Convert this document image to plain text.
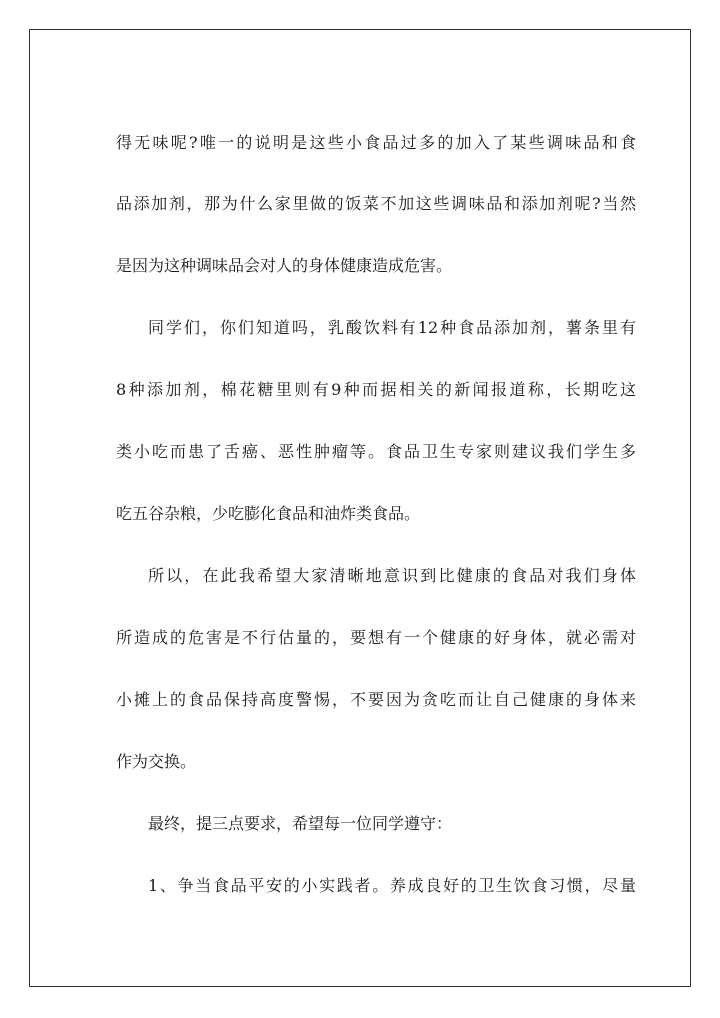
得无味呢?唯一的说明是这些小食品过多的加入了某些调味品和食
品添加剂，那为什么家里做的饭菜不加这些调味品和添加剂呢?当然
是因为这种调味品会对人的身体健康造成危害。
同学们，你们知道吗，乳酸饮料有12种食品添加剂，薯条里有
8种添加剂，棉花糖里则有9种而据相关的新闻报道称，长期吃这
类小吃而患了舌癌、恶性肿瘤等。食品卫生专家则建议我们学生多
吃五谷杂粮，少吃膨化食品和油炸类食品。
所以，在此我希望大家清晰地意识到比健康的食品对我们身体
所造成的危害是不行估量的，要想有一个健康的好身体，就必需对
小摊上的食品保持高度警惕，不要因为贪吃而让自己健康的身体来
作为交换。
最终，提三点要求，希望每一位同学遵守：
1、争当食品平安的小实践者。养成良好的卫生饮食习惯，尽量
